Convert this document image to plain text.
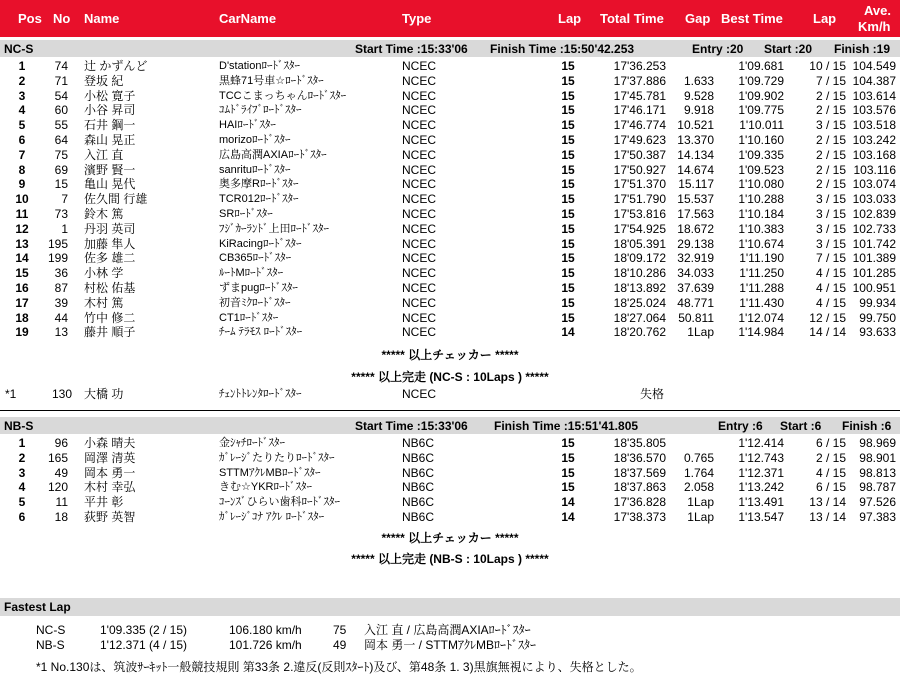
Pos No Name	CarName	Type	Lap Total Time Gap Best Time Lap
Ave.
Km/h
NC-S	Start Time :15:33'06 Finish Time :15:50'42.253	Entry :20 Start :20 Finish :19
1	74 辻 かずんど	D'stationﾛｰﾄﾞｽﾀｰ	NCEC	15	17'36.253	1'09.681	10 / 15 104.549
2	71 登坂 紀	黒蜂71号車☆ﾛｰﾄﾞｽﾀｰ	NCEC	15	17'37.886	1.633	1'09.729	7 / 15 104.387
3	54 小松 寛子	TCCこまっちゃんﾛｰﾄﾞｽﾀｰ	NCEC	15	17'45.781	9.528	1'09.902	2 / 15 103.614
4	60 小谷 昇司	ｺﾑﾄﾞﾗｲﾌﾞﾛｰﾄﾞｽﾀｰ	NCEC	15	17'46.171	9.918	1'09.775	2 / 15 103.576
5	55 石井 鋼一	HAIﾛｰﾄﾞｽﾀｰ	NCEC	15	17'46.774 10.521	1'10.011	3 / 15 103.518
6	64 森山 晃正	morizoﾛｰﾄﾞｽﾀｰ	NCEC	15	17'49.623 13.370	1'10.160	2 / 15 103.242
7	75 入江 直	広島高潤AXIAﾛｰﾄﾞｽﾀｰ	NCEC	15	17'50.387 14.134	1'09.335	2 / 15 103.168
8	69 濱野 賢一	sanrituﾛｰﾄﾞｽﾀｰ	NCEC	15	17'50.927 14.674	1'09.523	2 / 15 103.116
9	15 亀山 晃代	奥多摩Rﾛｰﾄﾞｽﾀｰ	NCEC	15	17'51.370	15.117	1'10.080	2 / 15 103.074
10	7 佐久間 行雄	TCR012ﾛｰﾄﾞｽﾀｰ	NCEC	15	17'51.790 15.537	1'10.288	3 / 15 103.033
11	73 鈴木 篤	SRﾛｰﾄﾞｽﾀｰ	NCEC	15	17'53.816 17.563	1'10.184	3 / 15 102.839
12	1 丹羽 英司	ﾌｼﾞｶｰﾗﾝﾄﾞ上田ﾛｰﾄﾞｽﾀｰ	NCEC	15	17'54.925 18.672	1'10.383	3 / 15 102.733
13	195 加藤 隼人	KiRacingﾛｰﾄﾞｽﾀｰ	NCEC	15	18'05.391 29.138	1'10.674	3 / 15 101.742
14	199 佐多 雄二	CB365ﾛｰﾄﾞｽﾀｰ	NCEC	15	18'09.172 32.919	1'11.190	7 / 15 101.389
15	36 小林 学	ﾙｰﾄMﾛｰﾄﾞｽﾀｰ	NCEC	15	18'10.286 34.033	1'11.250	4 / 15 101.285
16	87 村松 佑基	ずまpugﾛｰﾄﾞｽﾀｰ	NCEC	15	18'13.892 37.639	1'11.288	4 / 15 100.951
17	39 木村 篤	初音ﾐｸﾛｰﾄﾞｽﾀｰ	NCEC	15	18'25.024 48.771	1'11.430	4 / 15	99.934
18	44 竹中 修二	CT1ﾛｰﾄﾞｽﾀｰ	NCEC	15	18'27.064	50.811	1'12.074	12 / 15	99.750
19	13 藤井 順子	ﾁｰﾑ ﾃﾗﾓｽ ﾛｰﾄﾞｽﾀｰ	NCEC	14	18'20.762	1Lap	1'14.984	14 / 14	93.633
***** 以上チェッカー *****
***** 以上完走 (NC-S : 10Laps ) *****
*1	130 大橋 功	ﾁｪﾝﾄﾄﾚﾝﾀﾛｰﾄﾞｽﾀｰ	NCEC	失格
NB-S	Start Time :15:33'06 Finish Time :15:51'41.805	Entry :6 Start :6 Finish :6
1	96 小森 晴夫	金ｼｬﾁﾛｰﾄﾞｽﾀｰ	NB6C	15	18'35.805	1'12.414	6 / 15	98.969
2	165 岡澤 清英	ｶﾞﾚｰｼﾞたりたりﾛｰﾄﾞｽﾀｰ	NB6C	15	18'36.570	0.765	1'12.743	2 / 15	98.901
3	49 岡本 勇一	STTMｱｸﾚMBﾛｰﾄﾞｽﾀｰ	NB6C	15	18'37.569	1.764	1'12.371	4 / 15	98.813
4	120 木村 幸弘	きむ☆YKRﾛｰﾄﾞｽﾀｰ	NB6C	15	18'37.863	2.058	1'13.242	6 / 15	98.787
5	11 平井 彰	ｺｰﾝｽﾞひらい歯科ﾛｰﾄﾞｽﾀｰ	NB6C	14	17'36.828	1Lap	1'13.491	13 / 14	97.526
6	18 荻野 英智	ｶﾞﾚｰｼﾞｺﾅ ｱｸﾚ ﾛｰﾄﾞｽﾀｰ	NB6C	14	17'38.373	1Lap	1'13.547	13 / 14	97.383
***** 以上チェッカー *****
***** 以上完走 (NB-S : 10Laps ) *****
Fastest Lap
NC-S	1'09.335 (2 / 15)	106.180 km/h	75 入江 直 / 広島高潤AXIAﾛｰﾄﾞｽﾀｰ
NB-S	1'12.371 (4 / 15)	101.726 km/h	49 岡本 勇一 / STTMｱｸﾚMBﾛｰﾄﾞｽﾀｰ
*1 No.130は、筑波ｻｰｷｯﾄ一般競技規則 第33条 2.違反(反則ｽﾀｰﾄ)及び、第48条 1. 3)黒旗無視により、失格とした。
